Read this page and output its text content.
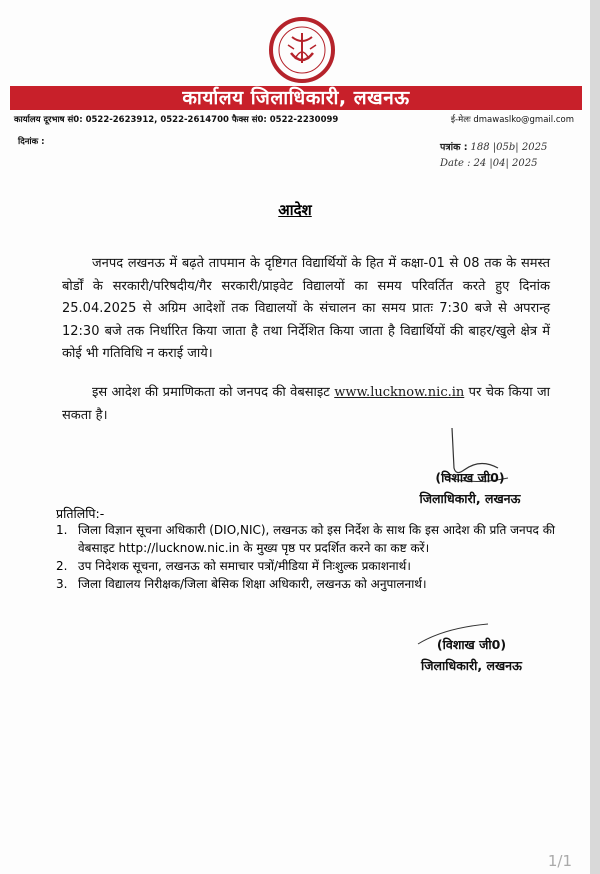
कार्यालय जिलाधिकारी, लखनऊ
कार्यालय दूरभाष सं0: 0522-2623912, 0522-2614700 फैक्स सं0: 0522-2230099	ई-मेलः dmawaslko@gmail.com
दिनांक :	पत्रांक : 188 |05b| 2025
Date : 24 |04| 2025
आदेश
जनपद लखनऊ में बढ़ते तापमान के दृष्टिगत विद्यार्थियों के हित में कक्षा-01 से 08 तक के समस्त बोर्डों के सरकारी/परिषदीय/गैर सरकारी/प्राइवेट विद्यालयों का समय परिवर्तित करते हुए दिनांक 25.04.2025 से अग्रिम आदेशों तक विद्यालयों के संचालन का समय प्रातः 7:30 बजे से अपरान्ह 12:30 बजे तक निर्धारित किया जाता है तथा निर्देशित किया जाता है विद्यार्थियों की बाहर/खुले क्षेत्र में कोई भी गतिविधि न कराई जाये।
इस आदेश की प्रमाणिकता को जनपद की वेबसाइट www.lucknow.nic.in पर चेक किया जा सकता है।
(विशाख जी0)
जिलाधिकारी, लखनऊ
प्रतिलिपि:-
1. जिला विज्ञान सूचना अधिकारी (DIO,NIC), लखनऊ को इस निर्देश के साथ कि इस आदेश की प्रति जनपद की वेबसाइट http://lucknow.nic.in के मुख्य पृष्ठ पर प्रदर्शित करने का कष्ट करें।
2. उप निदेशक सूचना, लखनऊ को समाचार पत्रों/मीडिया में निःशुल्क प्रकाशनार्थ।
3. जिला विद्यालय निरीक्षक/जिला बेसिक शिक्षा अधिकारी, लखनऊ को अनुपालनार्थ।
(विशाख जी0)
जिलाधिकारी, लखनऊ
1/1
